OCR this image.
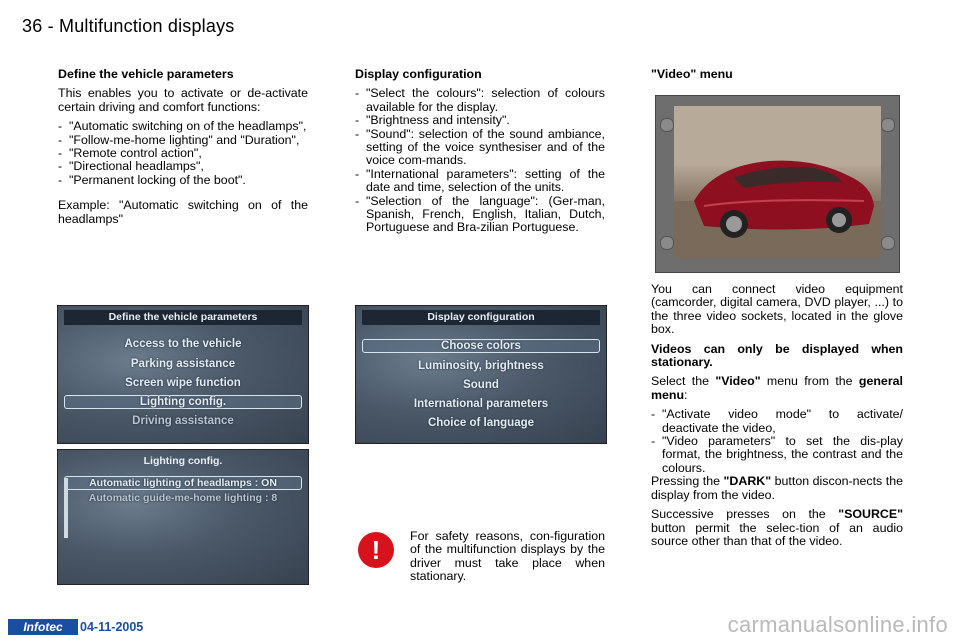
36 - Multifunction displays

Define the vehicle parameters

This enables you to activate or de-activate certain driving and comfort functions:

- "Automatic switching on of the headlamps",
- "Follow-me-home lighting" and "Duration",
- "Remote control action",
- "Directional headlamps",
- "Permanent locking of the boot".

Example: "Automatic switching on of the headlamps"

Display configuration

- "Select the colours": selection of colours available for the display.
- "Brightness and intensity".
- "Sound": selection of the sound ambiance, setting of the voice synthesiser and of the voice com-mands.
- "International parameters": setting of the date and time, selection of the units.
- "Selection of the language": (Ger-man, Spanish, French, English, Italian, Dutch, Portuguese and Bra-zilian Portuguese.

"Video" menu

You can connect video equipment (camcorder, digital camera, DVD player, ...) to the three video sockets, located in the glove box.

Videos can only be displayed when stationary.

Select the "Video" menu from the general menu:

- "Activate video mode" to activate/ deactivate the video,
- "Video parameters" to set the dis-play format, the brightness, the contrast and the colours.

Pressing the "DARK" button discon-nects the display from the video.

Successive presses on the "SOURCE" button permit the selec-tion of an audio source other than that of the video.

Define the vehicle parameters
Access to the vehicle
Parking assistance
Screen wipe function
Lighting config.
Driving assistance
Lighting config.
Automatic lighting of headlamps : ON
Automatic guide-me-home lighting : 8
Display configuration
Choose colors
Luminosity, brightness
Sound
International parameters
Choice of language
!	For safety reasons, con-figuration of the multifunction displays by the driver must take place when stationary.

Infotec	04-11-2005	carmanualsonline.info
